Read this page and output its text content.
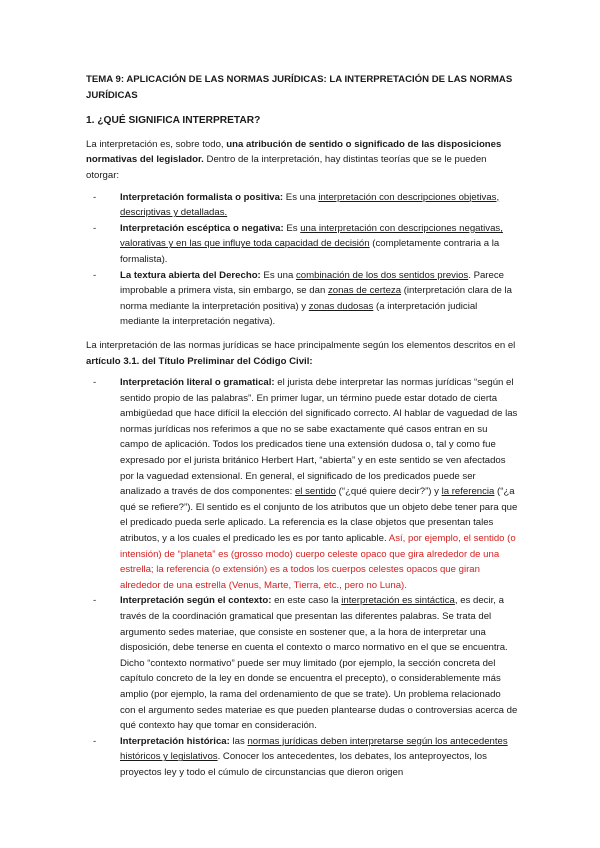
TEMA 9: APLICACIÓN DE LAS NORMAS JURÍDICAS: LA INTERPRETACIÓN DE LAS NORMAS JURÍDICAS

1. ¿QUÉ SIGNIFICA INTERPRETAR?

La interpretación es, sobre todo, una atribución de sentido o significado de las disposiciones normativas del legislador. Dentro de la interpretación, hay distintas teorías que se le pueden otorgar:

- Interpretación formalista o positiva: Es una interpretación con descripciones objetivas, descriptivas y detalladas.
- Interpretación escéptica o negativa: Es una interpretación con descripciones negativas, valorativas y en las que influye toda capacidad de decisión (completamente contraria a la formalista).
- La textura abierta del Derecho: Es una combinación de los dos sentidos previos. Parece improbable a primera vista, sin embargo, se dan zonas de certeza (interpretación clara de la norma mediante la interpretación positiva) y zonas dudosas (a interpretación judicial mediante la interpretación negativa).

La interpretación de las normas jurídicas se hace principalmente según los elementos descritos en el artículo 3.1. del Título Preliminar del Código Civil:

- Interpretación literal o gramatical: el jurista debe interpretar las normas jurídicas “según el sentido propio de las palabras”. En primer lugar, un término puede estar dotado de cierta ambigüedad que hace difícil la elección del significado correcto. Al hablar de vaguedad de las normas jurídicas nos referimos a que no se sabe exactamente qué casos entran en su campo de aplicación. Todos los predicados tiene una extensión dudosa o, tal y como fue expresado por el jurista británico Herbert Hart, “abierta” y en este sentido se ven afectados por la vaguedad extensional. En general, el significado de los predicados puede ser analizado a través de dos componentes: el sentido (“¿qué quiere decir?”) y la referencia (“¿a qué se refiere?”). El sentido es el conjunto de los atributos que un objeto debe tener para que el predicado pueda serle aplicado. La referencia es la clase objetos que presentan tales atributos, y a los cuales el predicado les es por tanto aplicable. Así, por ejemplo, el sentido (o intensión) de “planeta” es (grosso modo) cuerpo celeste opaco que gira alrededor de una estrella; la referencia (o extensión) es a todos los cuerpos celestes opacos que giran alrededor de una estrella (Venus, Marte, Tierra, etc., pero no Luna).
- Interpretación según el contexto: en este caso la interpretación es sintáctica, es decir, a través de la coordinación gramatical que presentan las diferentes palabras. Se trata del argumento sedes materiae, que consiste en sostener que, a la hora de interpretar una disposición, debe tenerse en cuenta el contexto o marco normativo en el que se encuentra. Dicho “contexto normativo” puede ser muy limitado (por ejemplo, la sección concreta del capítulo concreto de la ley en donde se encuentra el precepto), o considerablemente más amplio (por ejemplo, la rama del ordenamiento de que se trate). Un problema relacionado con el argumento sedes materiae es que pueden plantearse dudas o controversias acerca de qué contexto hay que tomar en consideración.
- Interpretación histórica: las normas jurídicas deben interpretarse según los antecedentes históricos y legislativos. Conocer los antecedentes, los debates, los anteproyectos, los proyectos ley y todo el cúmulo de circunstancias que dieron origen
